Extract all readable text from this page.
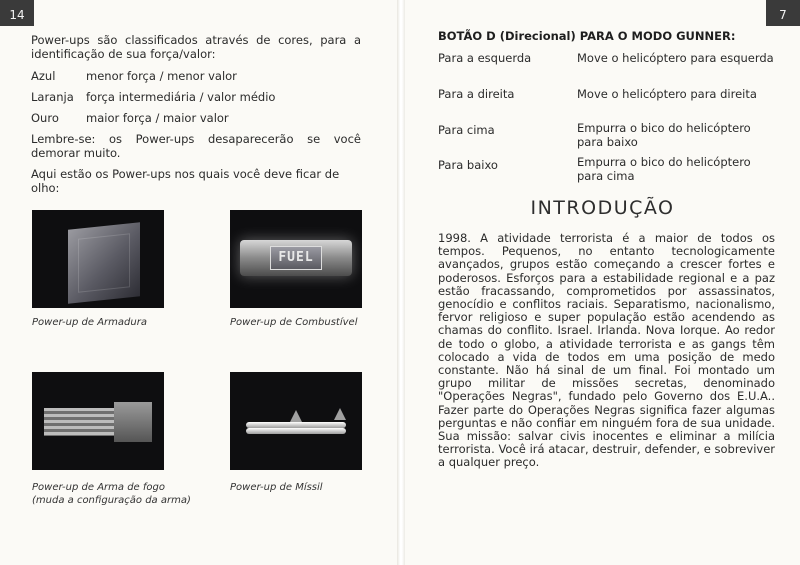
14
Power-ups são classificados através de cores, para a identificação de sua força/valor:
Azul	menor força / menor valor
Laranja	força intermediária / valor médio
Ouro	maior força / maior valor
Lembre-se: os Power-ups desaparecerão se você demorar muito.
Aqui estão os Power-ups nos quais você deve ficar de olho:
Power-up de Armadura
FUEL
Power-up de Combustível
Power-up de Arma de fogo
(muda a configuração da arma)
Power-up de Míssil
7
BOTÃO D (Direcional) PARA O MODO GUNNER:
Para a esquerda	Move o helicóptero para esquerda
Para a direita	Move o helicóptero para direita
Para cima	Empurra o bico do helicóptero para baixo
Para baixo	Empurra o bico do helicóptero para cima
INTRODUÇÃO
1998. A atividade terrorista é a maior de todos os tempos. Pequenos, no entanto tecnologicamente avançados, grupos estão começando a crescer fortes e poderosos. Esforços para a estabilidade regional e a paz estão fracassando, comprometidos por assassinatos, genocídio e conflitos raciais. Separatismo, nacionalismo, fervor religioso e super população estão acendendo as chamas do conflito. Israel. Irlanda. Nova Iorque. Ao redor de todo o globo, a atividade terrorista e as gangs têm colocado a vida de todos em uma posição de medo constante. Não há sinal de um final. Foi montado um grupo militar de missões secretas, denominado "Operações Negras", fundado pelo Governo dos E.U.A.. Fazer parte do Operações Negras significa fazer algumas perguntas e não confiar em ninguém fora de sua unidade. Sua missão: salvar civis inocentes e eliminar a milícia terrorista. Você irá atacar, destruir, defender, e sobreviver a qualquer preço.
